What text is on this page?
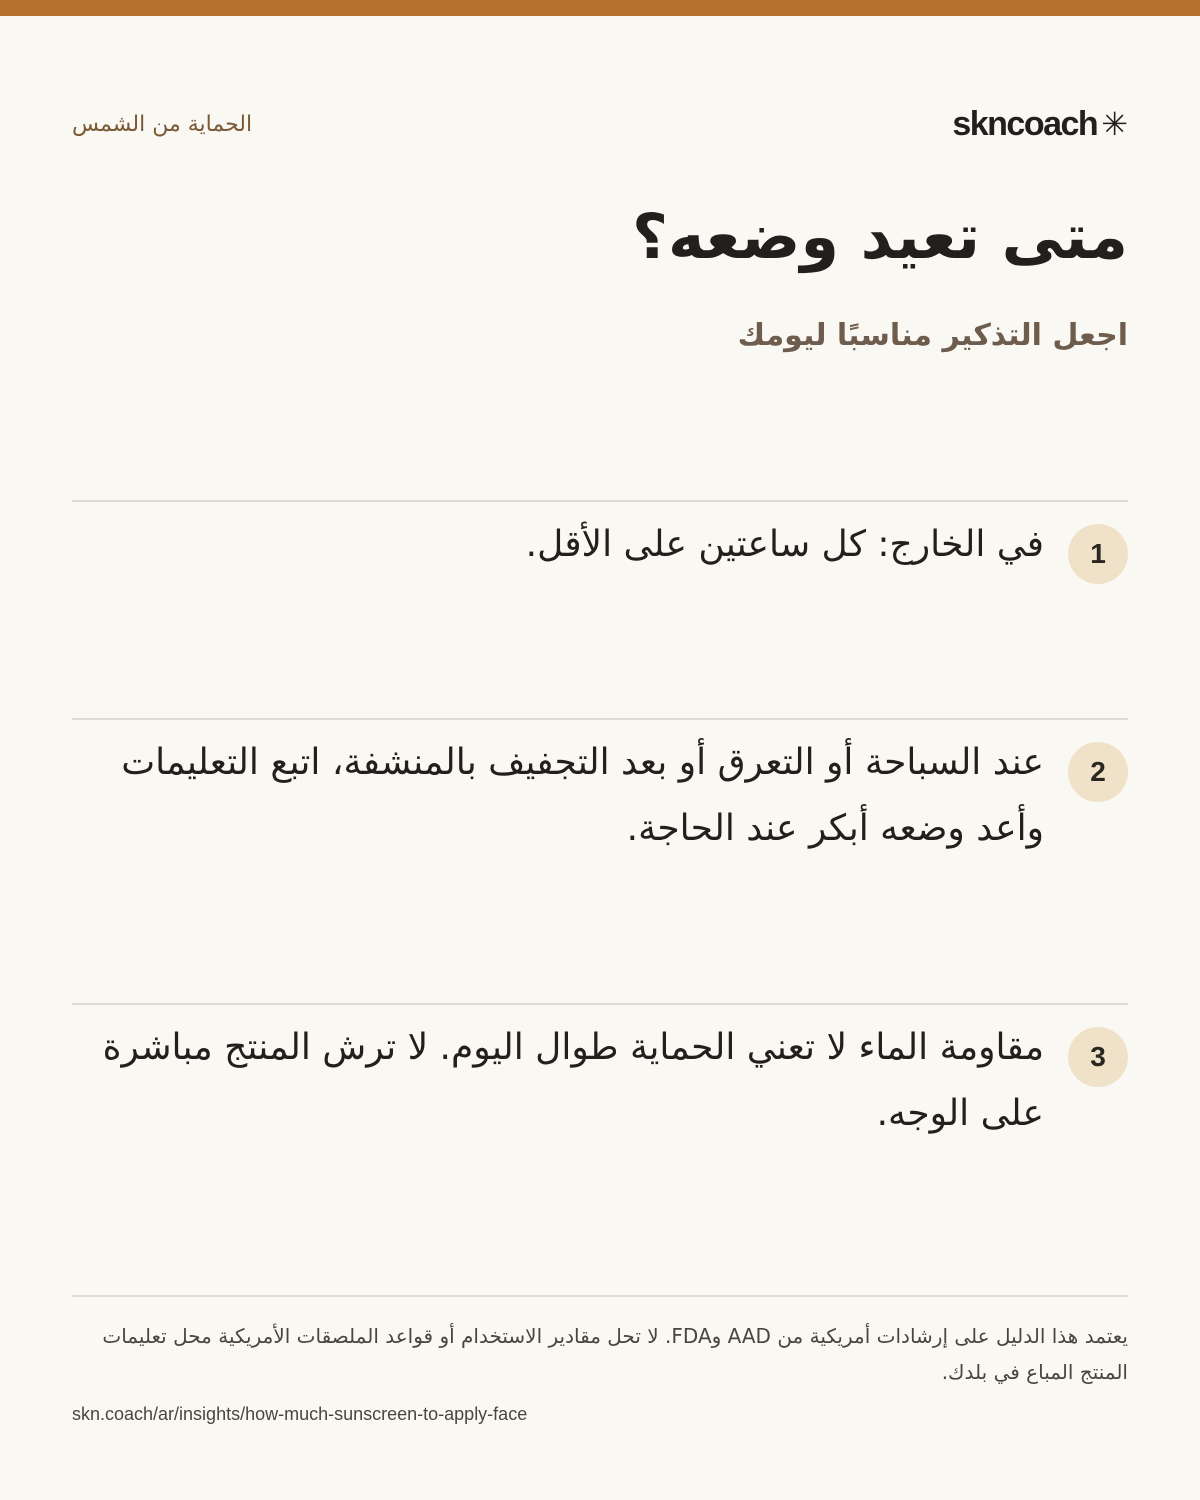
الحماية من الشمس	skncoach ✳
متى تعيد وضعه؟
اجعل التذكير مناسبًا ليومك
1
في الخارج: كل ساعتين على الأقل.
2
عند السباحة أو التعرق أو بعد التجفيف بالمنشفة، اتبع التعليمات وأعد وضعه أبكر عند الحاجة.
3
مقاومة الماء لا تعني الحماية طوال اليوم. لا ترش المنتج مباشرة على الوجه.
يعتمد هذا الدليل على إرشادات أمريكية من AAD وFDA. لا تحل مقادير الاستخدام أو قواعد الملصقات الأمريكية محل تعليمات المنتج المباع في بلدك.
skn.coach/ar/insights/how-much-sunscreen-to-apply-face
